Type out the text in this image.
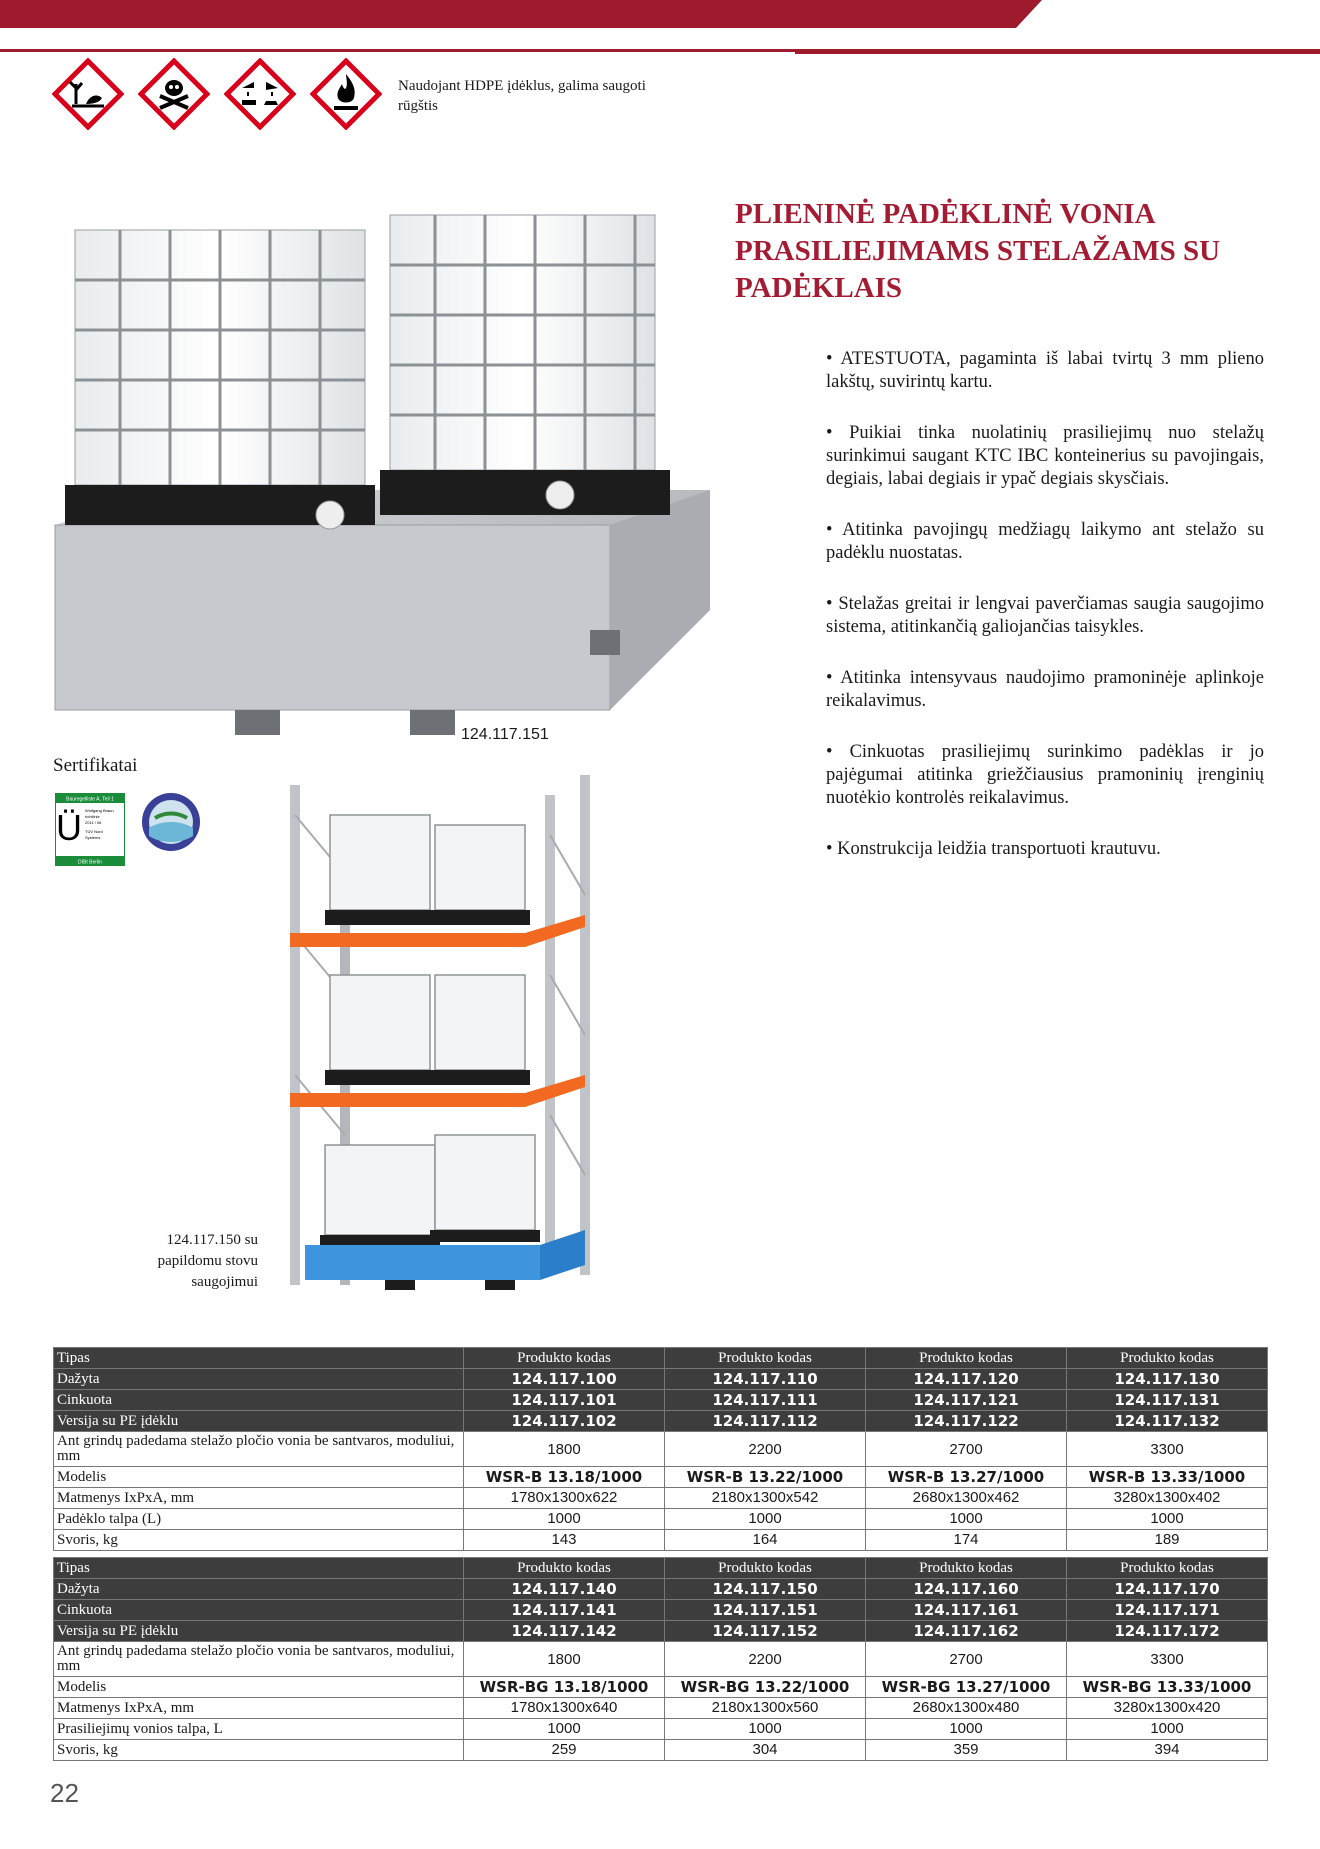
Naudojant HDPE įdėklus, galima saugoti rūgštis
124.117.151
Sertifikatai
Bauregelliste A, Teil 1
Ü Wolfgang Braun
richtlinie
2011 / 06
TÜV Nord
Systems
DIBt Berlin
124.117.150 su papildomu stovu saugojimui
PLIENINĖ PADĖKLINĖ VONIA PRASILIEJIMAMS STELAŽAMS SU PADĖKLAIS

• ATESTUOTA, pagaminta iš labai tvirtų 3 mm plieno lakštų, suvirintų kartu.

• Puikiai tinka nuolatinių prasiliejimų nuo stelažų surinkimui saugant KTC IBC konteinerius su pavojingais, degiais, labai degiais ir ypač degiais skysčiais.

• Atitinka pavojingų medžiagų laikymo ant stelažo su padėklu nuostatas.

• Stelažas greitai ir lengvai paverčiamas saugia saugojimo sistema, atitinkančią galiojančias taisykles.

• Atitinka intensyvaus naudojimo pramoninėje aplinkoje reikalavimus.

• Cinkuotas prasiliejimų surinkimo padėklas ir jo pajėgumai atitinka griežčiausius pramoninių įrenginių nuotėkio kontrolės reikalavimus.

• Konstrukcija leidžia transportuoti krautuvu.

Tipas	Produkto kodas	Produkto kodas	Produkto kodas	Produkto kodas
Dažyta	124.117.100	124.117.110	124.117.120	124.117.130
Cinkuota	124.117.101	124.117.111	124.117.121	124.117.131
Versija su PE įdėklu	124.117.102	124.117.112	124.117.122	124.117.132
Ant grindų padedama stelažo pločio vonia be santvaros, moduliui, mm	1800	2200	2700	3300
Modelis	WSR-B 13.18/1000	WSR-B 13.22/1000	WSR-B 13.27/1000	WSR-B 13.33/1000
Matmenys IxPxA, mm	1780x1300x622	2180x1300x542	2680x1300x462	3280x1300x402
Padėklo talpa (L)	1000	1000	1000	1000
Svoris, kg	143	164	174	189
Tipas	Produkto kodas	Produkto kodas	Produkto kodas	Produkto kodas
Dažyta	124.117.140	124.117.150	124.117.160	124.117.170
Cinkuota	124.117.141	124.117.151	124.117.161	124.117.171
Versija su PE įdėklu	124.117.142	124.117.152	124.117.162	124.117.172
Ant grindų padedama stelažo pločio vonia be santvaros, moduliui, mm	1800	2200	2700	3300
Modelis	WSR-BG 13.18/1000	WSR-BG 13.22/1000	WSR-BG 13.27/1000	WSR-BG 13.33/1000
Matmenys IxPxA, mm	1780x1300x640	2180x1300x560	2680x1300x480	3280x1300x420
Prasiliejimų vonios talpa, L	1000	1000	1000	1000
Svoris, kg	259	304	359	394
22
